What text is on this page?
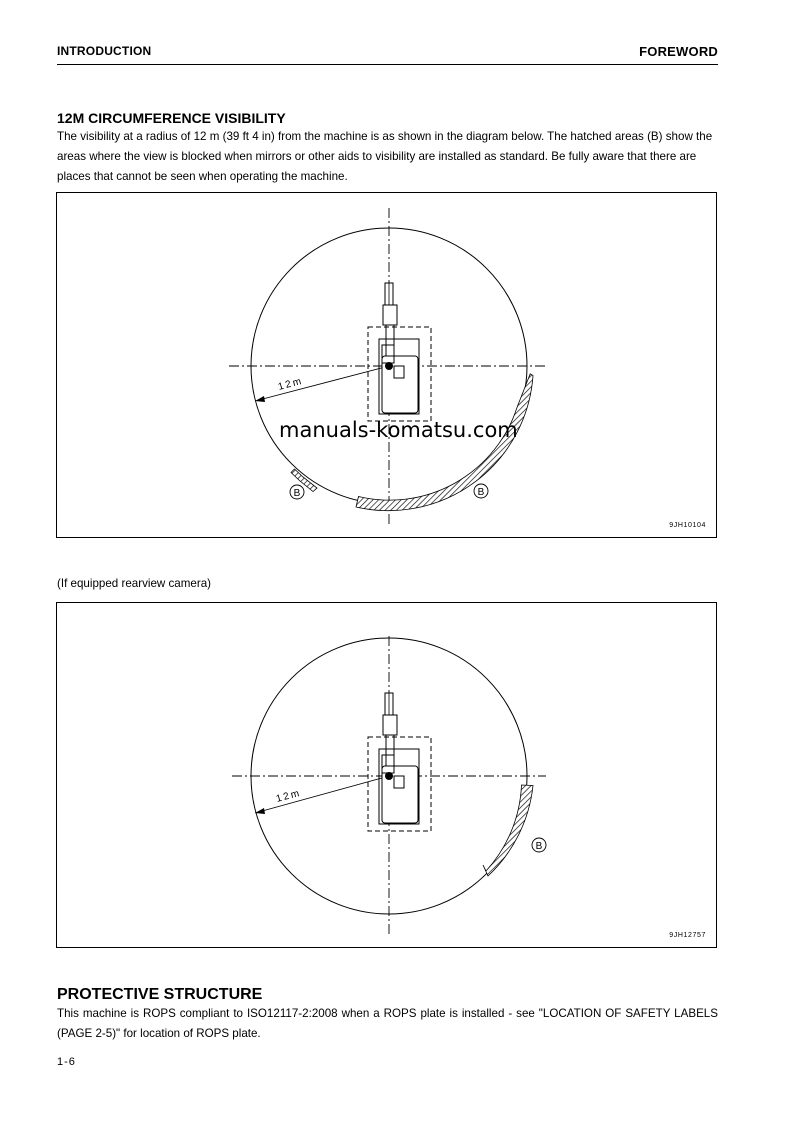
INTRODUCTION	FOREWORD
12M CIRCUMFERENCE VISIBILITY
The visibility at a radius of 12 m (39 ft 4 in) from the machine is as shown in the diagram below. The hatched areas (B) show the areas where the view is blocked when mirrors or other aids to visibility are installed as standard. Be fully aware that there are places that cannot be seen when operating the machine.
12m
B	B
9JH10104
manuals-komatsu.com
(If equipped rearview camera)
12m
B
9JH12757
PROTECTIVE STRUCTURE
This machine is ROPS compliant to ISO12117-2:2008 when a ROPS plate is installed - see "LOCATION OF SAFETY LABELS (PAGE 2-5)" for location of ROPS plate.
1-6
